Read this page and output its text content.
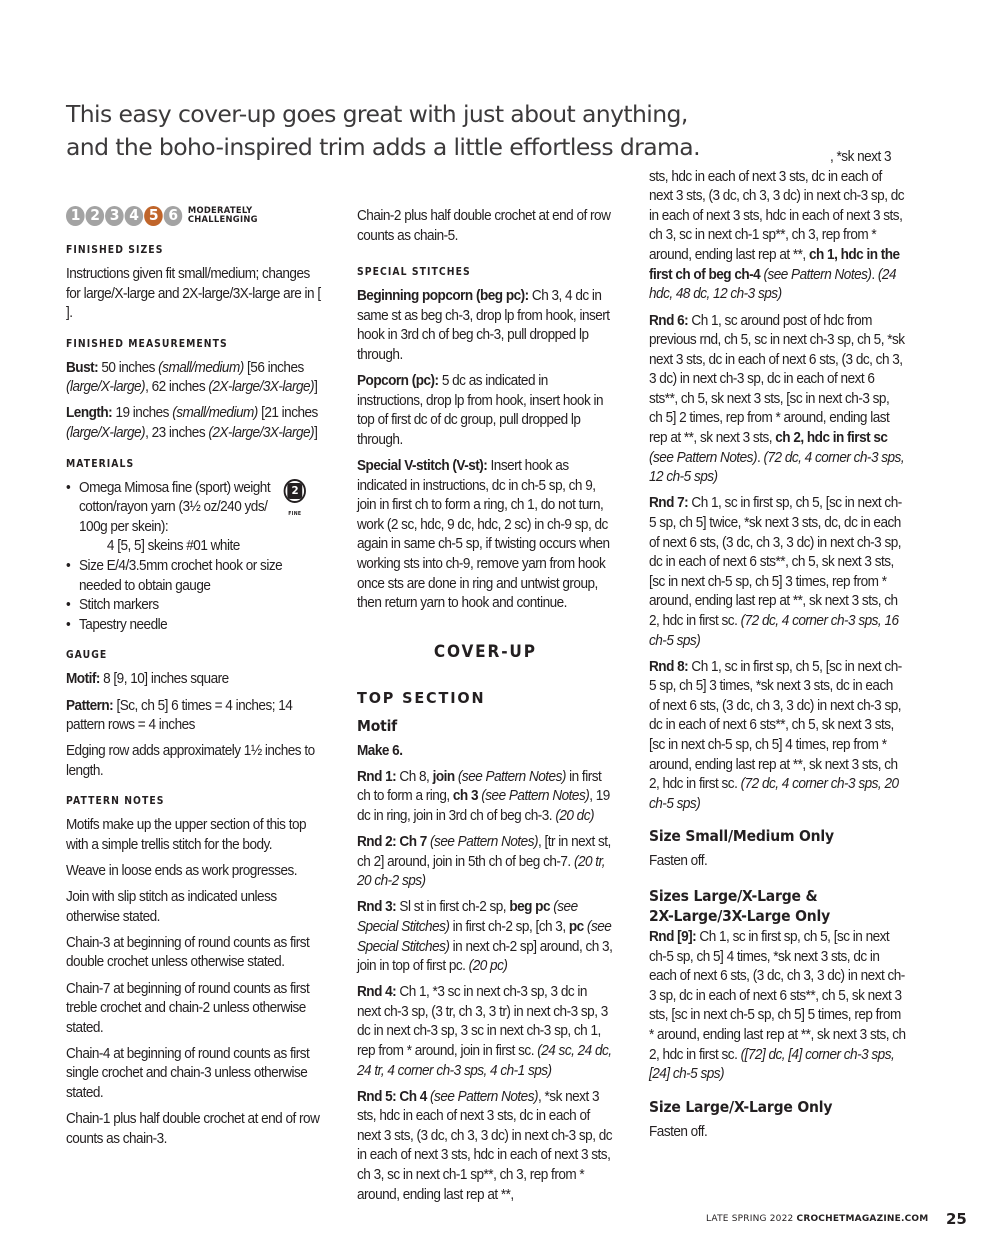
This easy cover-up goes great with just about anything,
and the boho-inspired trim adds a little effortless drama.
1 2 3 4 5 6	MODERATELY
CHALLENGING
FINISHED SIZES

Instructions given fit small/medium; changes for large/X-large and 2X-large/3X-large are in [ ].

FINISHED MEASUREMENTS

Bust: 50 inches (small/medium) [56 inches (large/X-large), 62 inches (2X-large/3X-large)]

Length: 19 inches (small/medium) [21 inches (large/X-large), 23 inches (2X-large/3X-large)]

MATERIALS
2
FINE
• Omega Mimosa fine (sport) weight cotton/rayon yarn (3½ oz/240 yds/ 100g per skein):
4 [5, 5] skeins #01 white
• Size E/4/3.5mm crochet hook or size needed to obtain gauge
• Stitch markers
• Tapestry needle
GAUGE

Motif: 8 [9, 10] inches square

Pattern: [Sc, ch 5] 6 times = 4 inches; 14 pattern rows = 4 inches

Edging row adds approximately 1½ inches to length.

PATTERN NOTES

Motifs make up the upper section of this top with a simple trellis stitch for the body.

Weave in loose ends as work progresses.

Join with slip stitch as indicated unless otherwise stated.

Chain-3 at beginning of round counts as first double crochet unless otherwise stated.

Chain-7 at beginning of round counts as first treble crochet and chain-2 unless otherwise stated.

Chain-4 at beginning of round counts as first single crochet and chain-3 unless otherwise stated.

Chain-1 plus half double crochet at end of row counts as chain-3.

Chain-2 plus half double crochet at end of row counts as chain-5.

SPECIAL STITCHES

Beginning popcorn (beg pc): Ch 3, 4 dc in same st as beg ch-3, drop lp from hook, insert hook in 3rd ch of beg ch-3, pull dropped lp through.

Popcorn (pc): 5 dc as indicated in instructions, drop lp from hook, insert hook in top of first dc of dc group, pull dropped lp through.

Special V-stitch (V-st): Insert hook as indicated in instructions, dc in ch-5 sp, ch 9, join in first ch to form a ring, ch 1, do not turn, work (2 sc, hdc, 9 dc, hdc, 2 sc) in ch-9 sp, dc again in same ch-5 sp, if twisting occurs when working sts into ch-9, remove yarn from hook once sts are done in ring and untwist group, then return yarn to hook and continue.

COVER-UP
TOP SECTION
Motif

Make 6.

Rnd 1: Ch 8, join (see Pattern Notes) in first ch to form a ring, ch 3 (see Pattern Notes), 19 dc in ring, join in 3rd ch of beg ch-3. (20 dc)

Rnd 2: Ch 7 (see Pattern Notes), [tr in next st, ch 2] around, join in 5th ch of beg ch-7. (20 tr, 20 ch-2 sps)

Rnd 3: Sl st in first ch-2 sp, beg pc (see Special Stitches) in first ch-2 sp, [ch 3, pc (see Special Stitches) in next ch-2 sp] around, ch 3, join in top of first pc. (20 pc)

Rnd 4: Ch 1, *3 sc in next ch-3 sp, 3 dc in next ch-3 sp, (3 tr, ch 3, 3 tr) in next ch-3 sp, 3 dc in next ch-3 sp, 3 sc in next ch-3 sp, ch 1, rep from * around, join in first sc. (24 sc, 24 dc, 24 tr, 4 corner ch-3 sps, 4 ch-1 sps)

Rnd 5: Ch 4 (see Pattern Notes), *sk next 3 sts, hdc in each of next 3 sts, dc in each of next 3 sts, (3 dc, ch 3, 3 dc) in next ch-3 sp, dc in each of next 3 sts, hdc in each of next 3 sts, ch 3, sc in next ch-1 sp**, ch 3, rep from * around, ending last rep at **,

, *sk next 3 sts, hdc in each of next 3 sts, dc in each of next 3 sts, (3 dc, ch 3, 3 dc) in next ch-3 sp, dc in each of next 3 sts, hdc in each of next 3 sts, ch 3, sc in next ch-1 sp**, ch 3, rep from * around, ending last rep at **, ch 1, hdc in the first ch of beg ch-4 (see Pattern Notes). (24 hdc, 48 dc, 12 ch-3 sps)

Rnd 6: Ch 1, sc around post of hdc from previous rnd, ch 5, sc in next ch-3 sp, ch 5, *sk next 3 sts, dc in each of next 6 sts, (3 dc, ch 3, 3 dc) in next ch-3 sp, dc in each of next 6 sts**, ch 5, sk next 3 sts, [sc in next ch-3 sp, ch 5] 2 times, rep from * around, ending last rep at **, sk next 3 sts, ch 2, hdc in first sc (see Pattern Notes). (72 dc, 4 corner ch-3 sps, 12 ch-5 sps)

Rnd 7: Ch 1, sc in first sp, ch 5, [sc in next ch-5 sp, ch 5] twice, *sk next 3 sts, dc, dc in each of next 6 sts, (3 dc, ch 3, 3 dc) in next ch-3 sp, dc in each of next 6 sts**, ch 5, sk next 3 sts, [sc in next ch-5 sp, ch 5] 3 times, rep from * around, ending last rep at **, sk next 3 sts, ch 2, hdc in first sc. (72 dc, 4 corner ch-3 sps, 16 ch-5 sps)

Rnd 8: Ch 1, sc in first sp, ch 5, [sc in next ch-5 sp, ch 5] 3 times, *sk next 3 sts, dc in each of next 6 sts, (3 dc, ch 3, 3 dc) in next ch-3 sp, dc in each of next 6 sts**, ch 5, sk next 3 sts, [sc in next ch-5 sp, ch 5] 4 times, rep from * around, ending last rep at **, sk next 3 sts, ch 2, hdc in first sc. (72 dc, 4 corner ch-3 sps, 20 ch-5 sps)

Size Small/Medium Only

Fasten off.

Sizes Large/X-Large &
2X-Large/3X-Large Only

Rnd [9]: Ch 1, sc in first sp, ch 5, [sc in next ch-5 sp, ch 5] 4 times, *sk next 3 sts, dc in each of next 6 sts, (3 dc, ch 3, 3 dc) in next ch-3 sp, dc in each of next 6 sts**, ch 5, sk next 3 sts, [sc in next ch-5 sp, ch 5] 5 times, rep from * around, ending last rep at **, sk next 3 sts, ch 2, hdc in first sc. ([72] dc, [4] corner ch-3 sps, [24] ch-5 sps)

Size Large/X-Large Only

Fasten off.

LATE SPRING 2022 CROCHETMAGAZINE.COM 25
